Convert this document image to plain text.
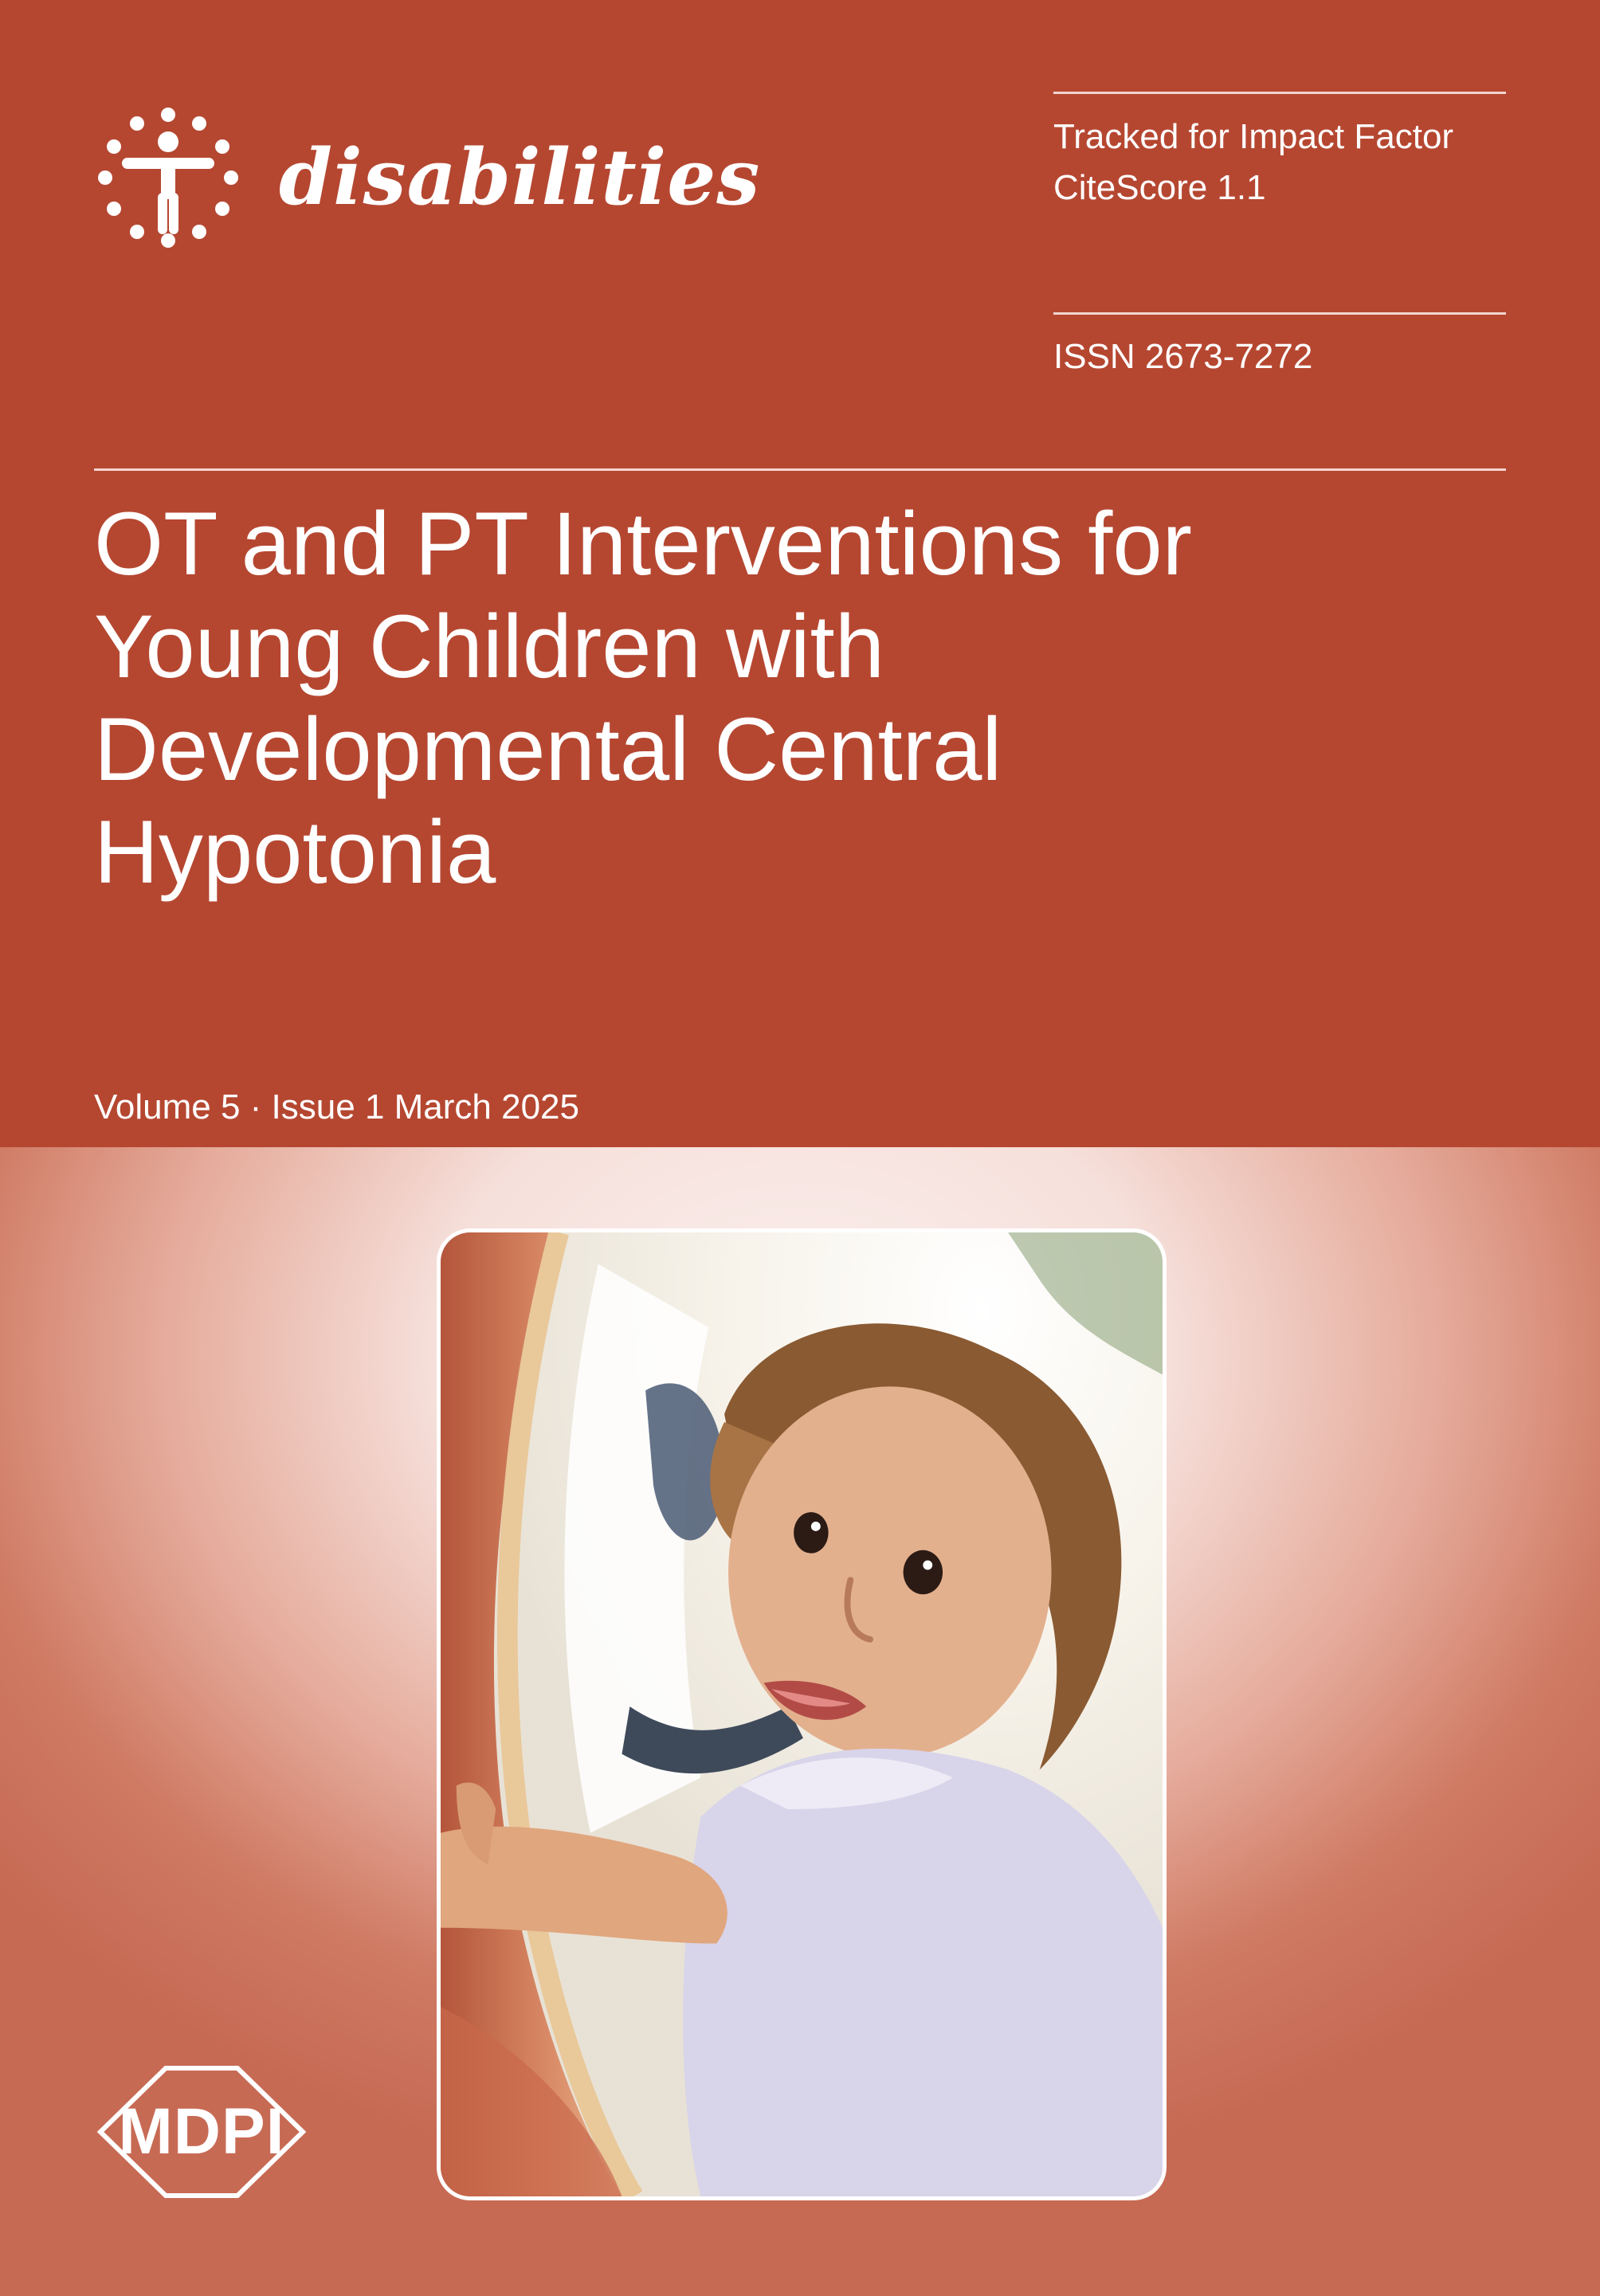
disabilities	Tracked for Impact Factor
CiteScore 1.1
ISSN 2673-7272
OT and PT Interventions for
Young Children with
Developmental Central
Hypotonia
Volume 5 · Issue 1 March 2025
MDPI
